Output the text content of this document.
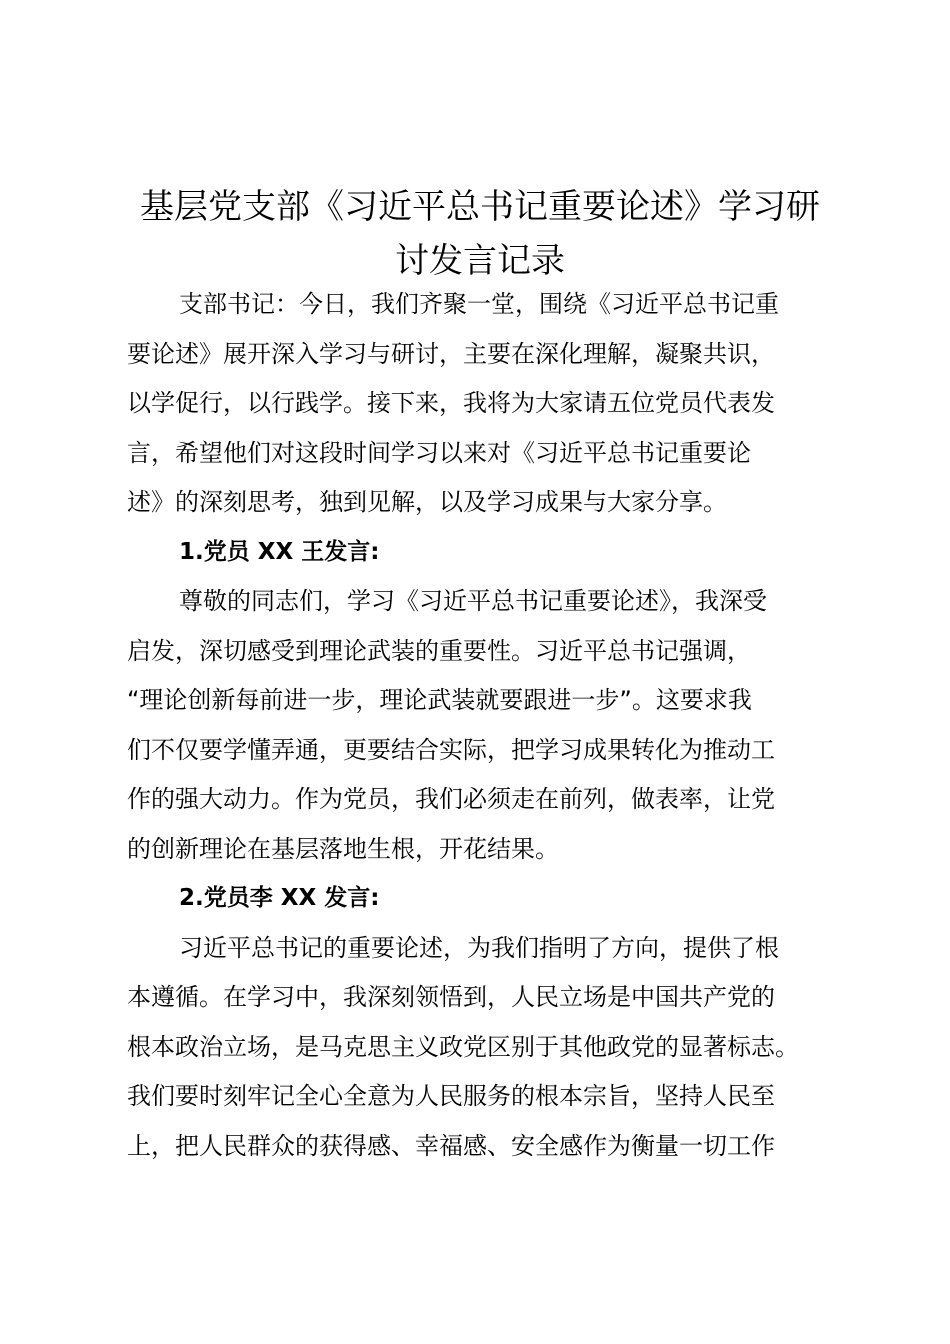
基层党支部《习近平总书记重要论述》学习研
讨发言记录

支部书记：今日，我们齐聚一堂，围绕《习近平总书记重
要论述》展开深入学习与研讨，主要在深化理解，凝聚共识，
以学促行，以行践学。接下来，我将为大家请五位党员代表发
言，希望他们对这段时间学习以来对《习近平总书记重要论
述》的深刻思考，独到见解，以及学习成果与大家分享。

1.党员 XX 王发言:

尊敬的同志们，学习《习近平总书记重要论述》，我深受
启发，深切感受到理论武装的重要性。习近平总书记强调，
“理论创新每前进一步，理论武装就要跟进一步”。这要求我
们不仅要学懂弄通，更要结合实际，把学习成果转化为推动工
作的强大动力。作为党员，我们必须走在前列，做表率，让党
的创新理论在基层落地生根，开花结果。

2.党员李 XX 发言:

习近平总书记的重要论述，为我们指明了方向，提供了根
本遵循。在学习中，我深刻领悟到，人民立场是中国共产党的
根本政治立场，是马克思主义政党区别于其他政党的显著标志。
我们要时刻牢记全心全意为人民服务的根本宗旨，坚持人民至
上，把人民群众的获得感、幸福感、安全感作为衡量一切工作
